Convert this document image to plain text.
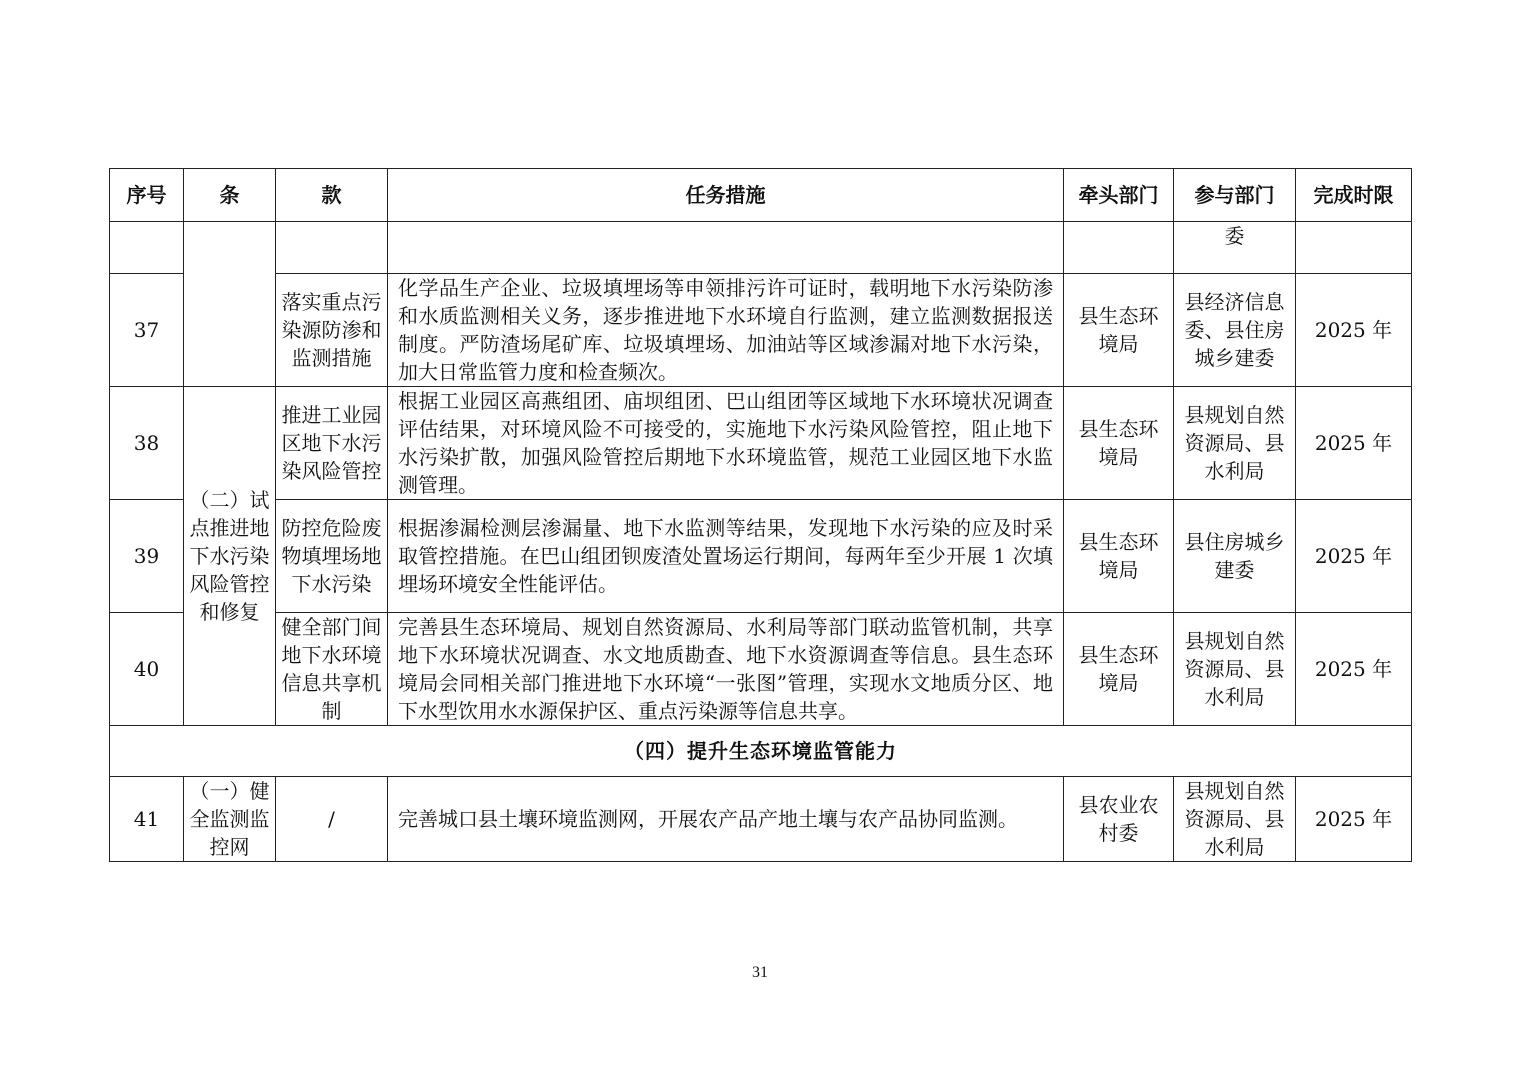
序号	条	款	任务措施	牵头部门	参与部门	完成时限
					委	
37		落实重点污染源防渗和监测措施	化学品生产企业、垃圾填埋场等申领排污许可证时，载明地下水污染防渗和水质监测相关义务，逐步推进地下水环境自行监测，建立监测数据报送制度。严防渣场尾矿库、垃圾填埋场、加油站等区域渗漏对地下水污染，加大日常监管力度和检查频次。	县生态环境局	县经济信息委、县住房城乡建委	2025 年
38	（二）试点推进地下水污染风险管控和修复	推进工业园区地下水污染风险管控	根据工业园区高燕组团、庙坝组团、巴山组团等区域地下水环境状况调查评估结果，对环境风险不可接受的，实施地下水污染风险管控，阻止地下水污染扩散，加强风险管控后期地下水环境监管，规范工业园区地下水监测管理。	县生态环境局	县规划自然资源局、县水利局	2025 年
39		防控危险废物填埋场地下水污染	根据渗漏检测层渗漏量、地下水监测等结果，发现地下水污染的应及时采取管控措施。在巴山组团钡废渣处置场运行期间，每两年至少开展 1 次填埋场环境安全性能评估。	县生态环境局	县住房城乡建委	2025 年
40		健全部门间地下水环境信息共享机制	完善县生态环境局、规划自然资源局、水利局等部门联动监管机制，共享地下水环境状况调查、水文地质勘查、地下水资源调查等信息。县生态环境局会同相关部门推进地下水环境“一张图”管理，实现水文地质分区、地下水型饮用水水源保护区、重点污染源等信息共享。	县生态环境局	县规划自然资源局、县水利局	2025 年
（四）提升生态环境监管能力						
41	（一）健全监测监控网	/	完善城口县土壤环境监测网，开展农产品产地土壤与农产品协同监测。	县农业农村委	县规划自然资源局、县水利局	2025 年
31
